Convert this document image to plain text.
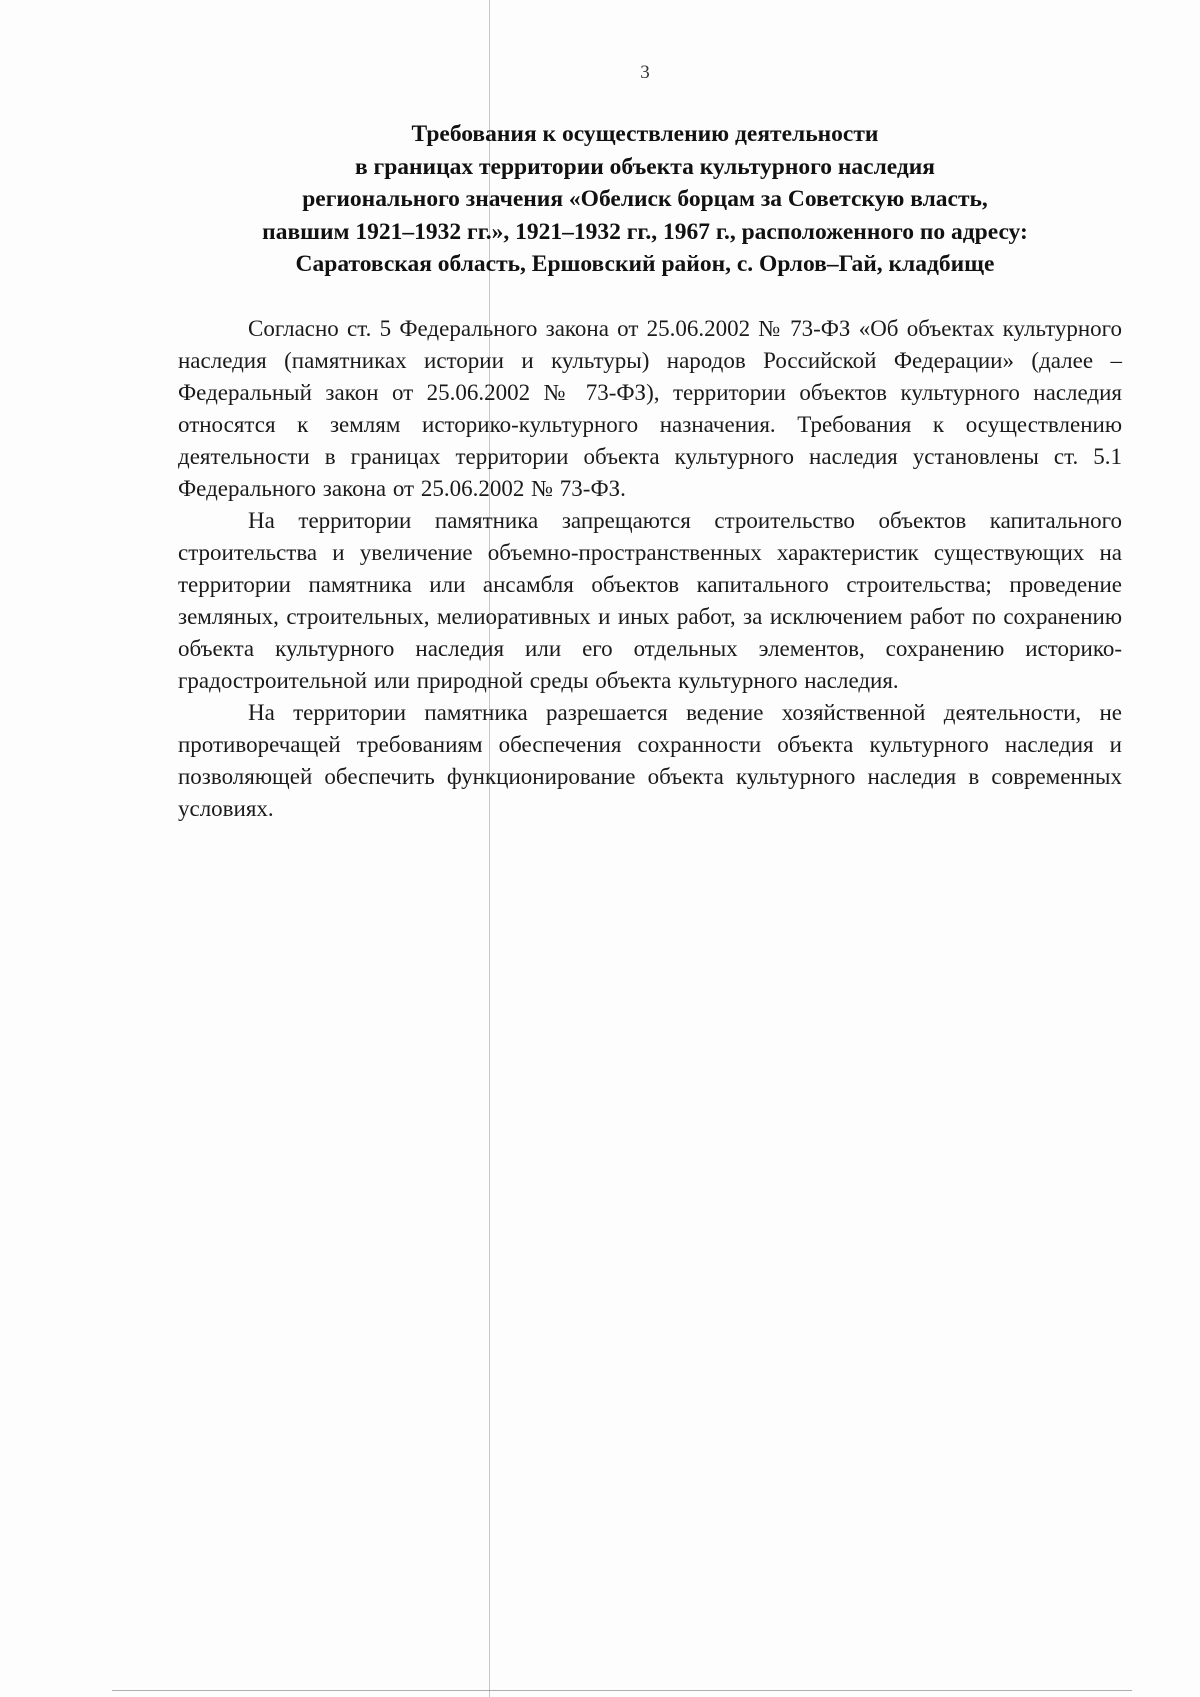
3
Требования к осуществлению деятельности
в границах территории объекта культурного наследия
регионального значения «Обелиск борцам за Советскую власть,
павшим 1921–1932 гг.», 1921–1932 гг., 1967 г., расположенного по адресу:
Саратовская область, Ершовский район, с. Орлов–Гай, кладбище

Согласно ст. 5 Федерального закона от 25.06.2002 № 73-ФЗ «Об объектах культурного наследия (памятниках истории и культуры) народов Российской Федерации» (далее – Федеральный закон от 25.06.2002 № 73-ФЗ), территории объектов культурного наследия относятся к землям историко-культурного назначения. Требования к осуществлению деятельности в границах территории объекта культурного наследия установлены ст. 5.1 Федерального закона от 25.06.2002 № 73-ФЗ.

На территории памятника запрещаются строительство объектов капитального строительства и увеличение объемно-пространственных характеристик существующих на территории памятника или ансамбля объектов капитального строительства; проведение земляных, строительных, мелиоративных и иных работ, за исключением работ по сохранению объекта культурного наследия или его отдельных элементов, сохранению историко-градостроительной или природной среды объекта культурного наследия.

На территории памятника разрешается ведение хозяйственной деятельности, не противоречащей требованиям обеспечения сохранности объекта культурного наследия и позволяющей обеспечить функционирование объекта культурного наследия в современных условиях.
